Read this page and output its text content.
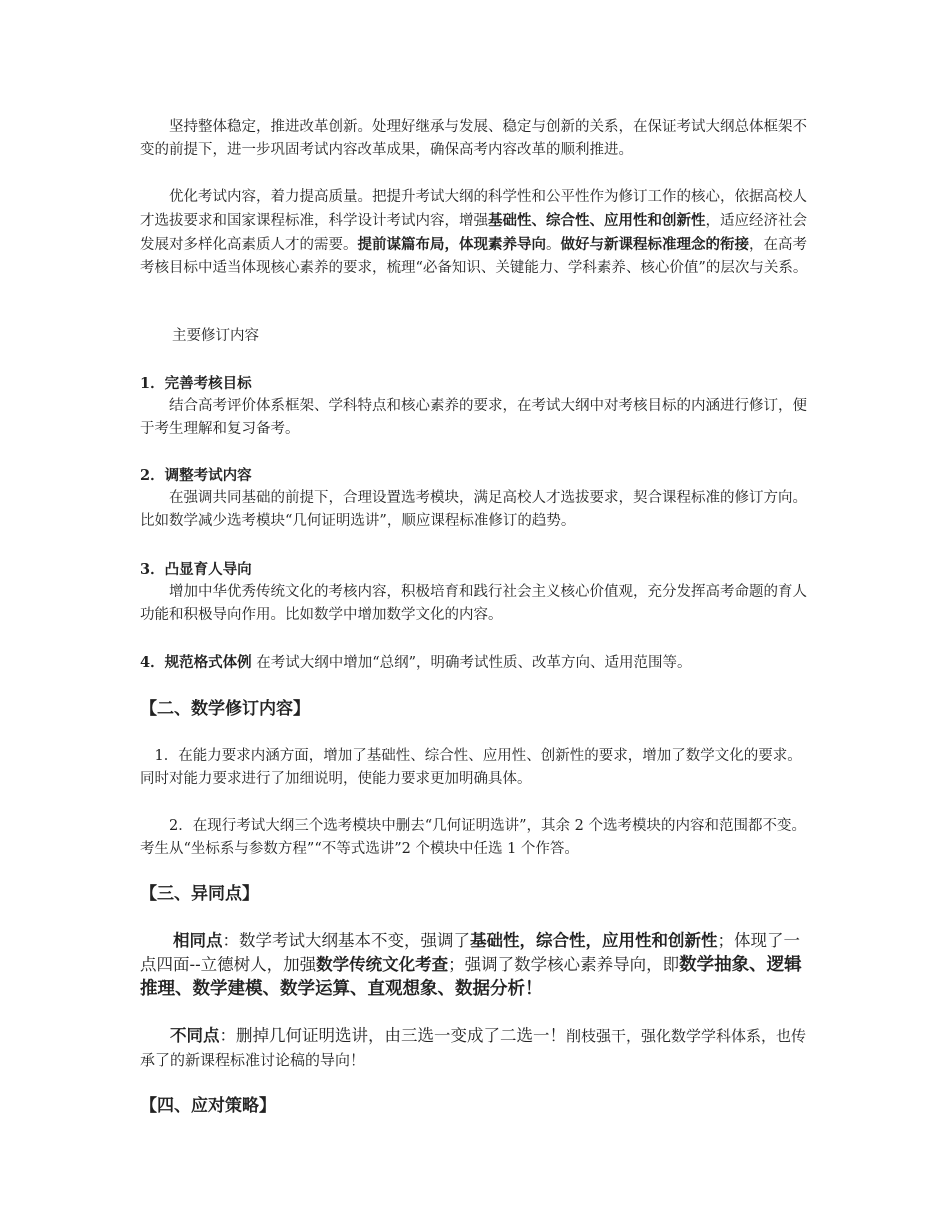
坚持整体稳定，推进改革创新。处理好继承与发展、稳定与创新的关系，在保证考试大纲总体框架不变的前提下，进一步巩固考试内容改革成果，确保高考内容改革的顺利推进。

优化考试内容，着力提高质量。把提升考试大纲的科学性和公平性作为修订工作的核心，依据高校人才选拔要求和国家课程标准，科学设计考试内容，增强基础性、综合性、应用性和创新性，适应经济社会发展对多样化高素质人才的需要。提前谋篇布局，体现素养导向。做好与新课程标准理念的衔接，在高考考核目标中适当体现核心素养的要求，梳理“必备知识、关键能力、学科素养、核心价值”的层次与关系。

主要修订内容

1．完善考核目标
结合高考评价体系框架、学科特点和核心素养的要求，在考试大纲中对考核目标的内涵进行修订，便于考生理解和复习备考。
2．调整考试内容
在强调共同基础的前提下，合理设置选考模块，满足高校人才选拔要求，契合课程标准的修订方向。比如数学减少选考模块“几何证明选讲”，顺应课程标准修订的趋势。
3．凸显育人导向
增加中华优秀传统文化的考核内容，积极培育和践行社会主义核心价值观，充分发挥高考命题的育人功能和积极导向作用。比如数学中增加数学文化的内容。
4．规范格式体例 在考试大纲中增加“总纲”，明确考试性质、改革方向、适用范围等。
【二、数学修订内容】

1．在能力要求内涵方面，增加了基础性、综合性、应用性、创新性的要求，增加了数学文化的要求。同时对能力要求进行了加细说明，使能力要求更加明确具体。

2．在现行考试大纲三个选考模块中删去“几何证明选讲”，其余 2 个选考模块的内容和范围都不变。考生从“坐标系与参数方程”“不等式选讲”2 个模块中任选 1 个作答。

【三、异同点】

相同点：数学考试大纲基本不变，强调了基础性，综合性，应用性和创新性；体现了一点四面--立德树人，加强数学传统文化考查；强调了数学核心素养导向，即数学抽象、逻辑推理、数学建模、数学运算、直观想象、数据分析！

不同点：删掉几何证明选讲，由三选一变成了二选一！削枝强干，强化数学学科体系，也传承了的新课程标准讨论稿的导向！

【四、应对策略】
